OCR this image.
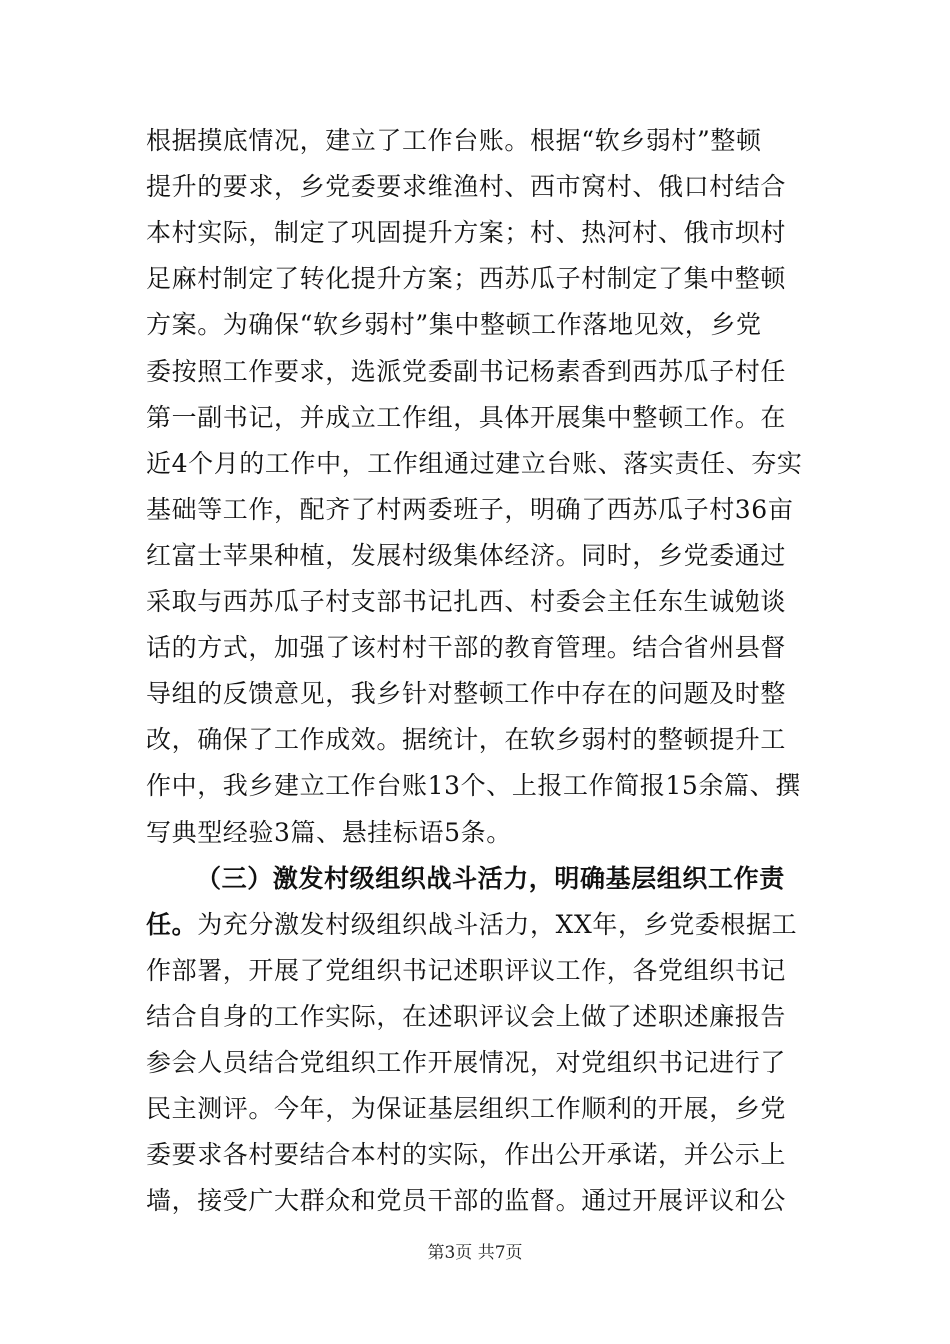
根据摸底情况，建立了工作台账。根据“软乡弱村”整顿
提升的要求，乡党委要求维渔村、西市窝村、俄口村结合
本村实际，制定了巩固提升方案；村、热河村、俄市坝村
足麻村制定了转化提升方案；西苏瓜子村制定了集中整顿
方案。为确保“软乡弱村”集中整顿工作落地见效，乡党
委按照工作要求，选派党委副书记杨素香到西苏瓜子村任
第一副书记，并成立工作组，具体开展集中整顿工作。在
近4个月的工作中，工作组通过建立台账、落实责任、夯实
基础等工作，配齐了村两委班子，明确了西苏瓜子村36亩
红富士苹果种植，发展村级集体经济。同时，乡党委通过
采取与西苏瓜子村支部书记扎西、村委会主任东生诚勉谈
话的方式，加强了该村村干部的教育管理。结合省州县督
导组的反馈意见，我乡针对整顿工作中存在的问题及时整
改，确保了工作成效。据统计，在软乡弱村的整顿提升工
作中，我乡建立工作台账13个、上报工作简报15余篇、撰
写典型经验3篇、悬挂标语5条。
（三）激发村级组织战斗活力，明确基层组织工作责
任。为充分激发村级组织战斗活力，XX年，乡党委根据工
作部署，开展了党组织书记述职评议工作，各党组织书记
结合自身的工作实际，在述职评议会上做了述职述廉报告
参会人员结合党组织工作开展情况，对党组织书记进行了
民主测评。今年，为保证基层组织工作顺利的开展，乡党
委要求各村要结合本村的实际，作出公开承诺，并公示上
墙，接受广大群众和党员干部的监督。通过开展评议和公
第3页 共7页
